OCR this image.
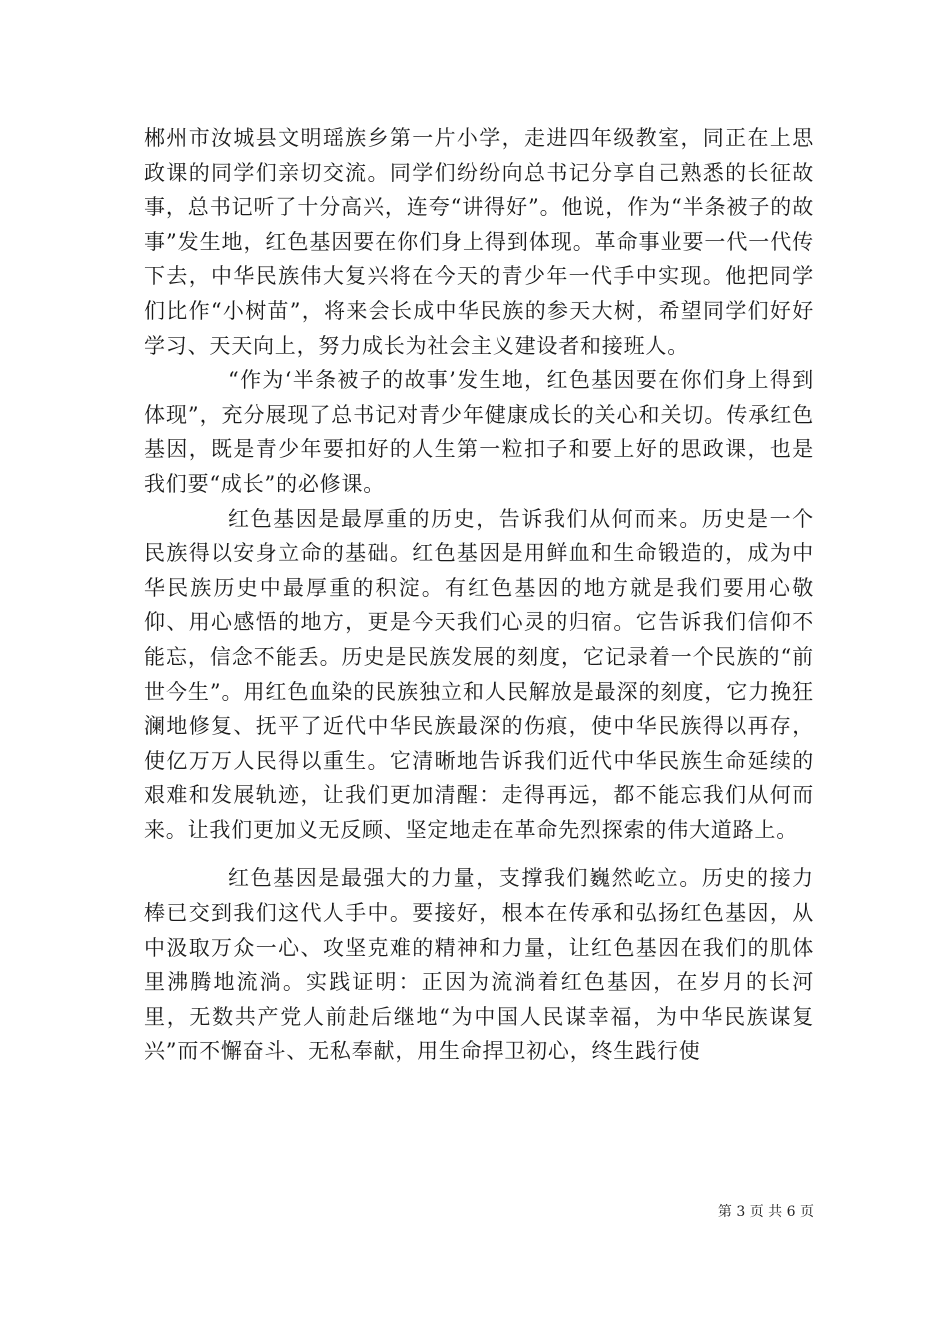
郴州市汝城县文明瑶族乡第一片小学，走进四年级教室，同正在上思政课的同学们亲切交流。同学们纷纷向总书记分享自己熟悉的长征故事，总书记听了十分高兴，连夸“讲得好”。他说，作为“半条被子的故事”发生地，红色基因要在你们身上得到体现。革命事业要一代一代传下去，中华民族伟大复兴将在今天的青少年一代手中实现。他把同学们比作“小树苗”，将来会长成中华民族的参天大树，希望同学们好好学习、天天向上，努力成长为社会主义建设者和接班人。

“作为‘半条被子的故事’发生地，红色基因要在你们身上得到体现”，充分展现了总书记对青少年健康成长的关心和关切。传承红色基因，既是青少年要扣好的人生第一粒扣子和要上好的思政课，也是我们要“成长”的必修课。

红色基因是最厚重的历史，告诉我们从何而来。历史是一个民族得以安身立命的基础。红色基因是用鲜血和生命锻造的，成为中华民族历史中最厚重的积淀。有红色基因的地方就是我们要用心敬仰、用心感悟的地方，更是今天我们心灵的归宿。它告诉我们信仰不能忘，信念不能丢。历史是民族发展的刻度，它记录着一个民族的“前世今生”。用红色血染的民族独立和人民解放是最深的刻度，它力挽狂澜地修复、抚平了近代中华民族最深的伤痕，使中华民族得以再存，使亿万万人民得以重生。它清晰地告诉我们近代中华民族生命延续的艰难和发展轨迹，让我们更加清醒：走得再远，都不能忘我们从何而来。让我们更加义无反顾、坚定地走在革命先烈探索的伟大道路上。

红色基因是最强大的力量，支撑我们巍然屹立。历史的接力棒已交到我们这代人手中。要接好，根本在传承和弘扬红色基因，从中汲取万众一心、攻坚克难的精神和力量，让红色基因在我们的肌体里沸腾地流淌。实践证明：正因为流淌着红色基因，在岁月的长河里，无数共产党人前赴后继地“为中国人民谋幸福，为中华民族谋复兴”而不懈奋斗、无私奉献，用生命捍卫初心，终生践行使

第 3 页 共 6 页
